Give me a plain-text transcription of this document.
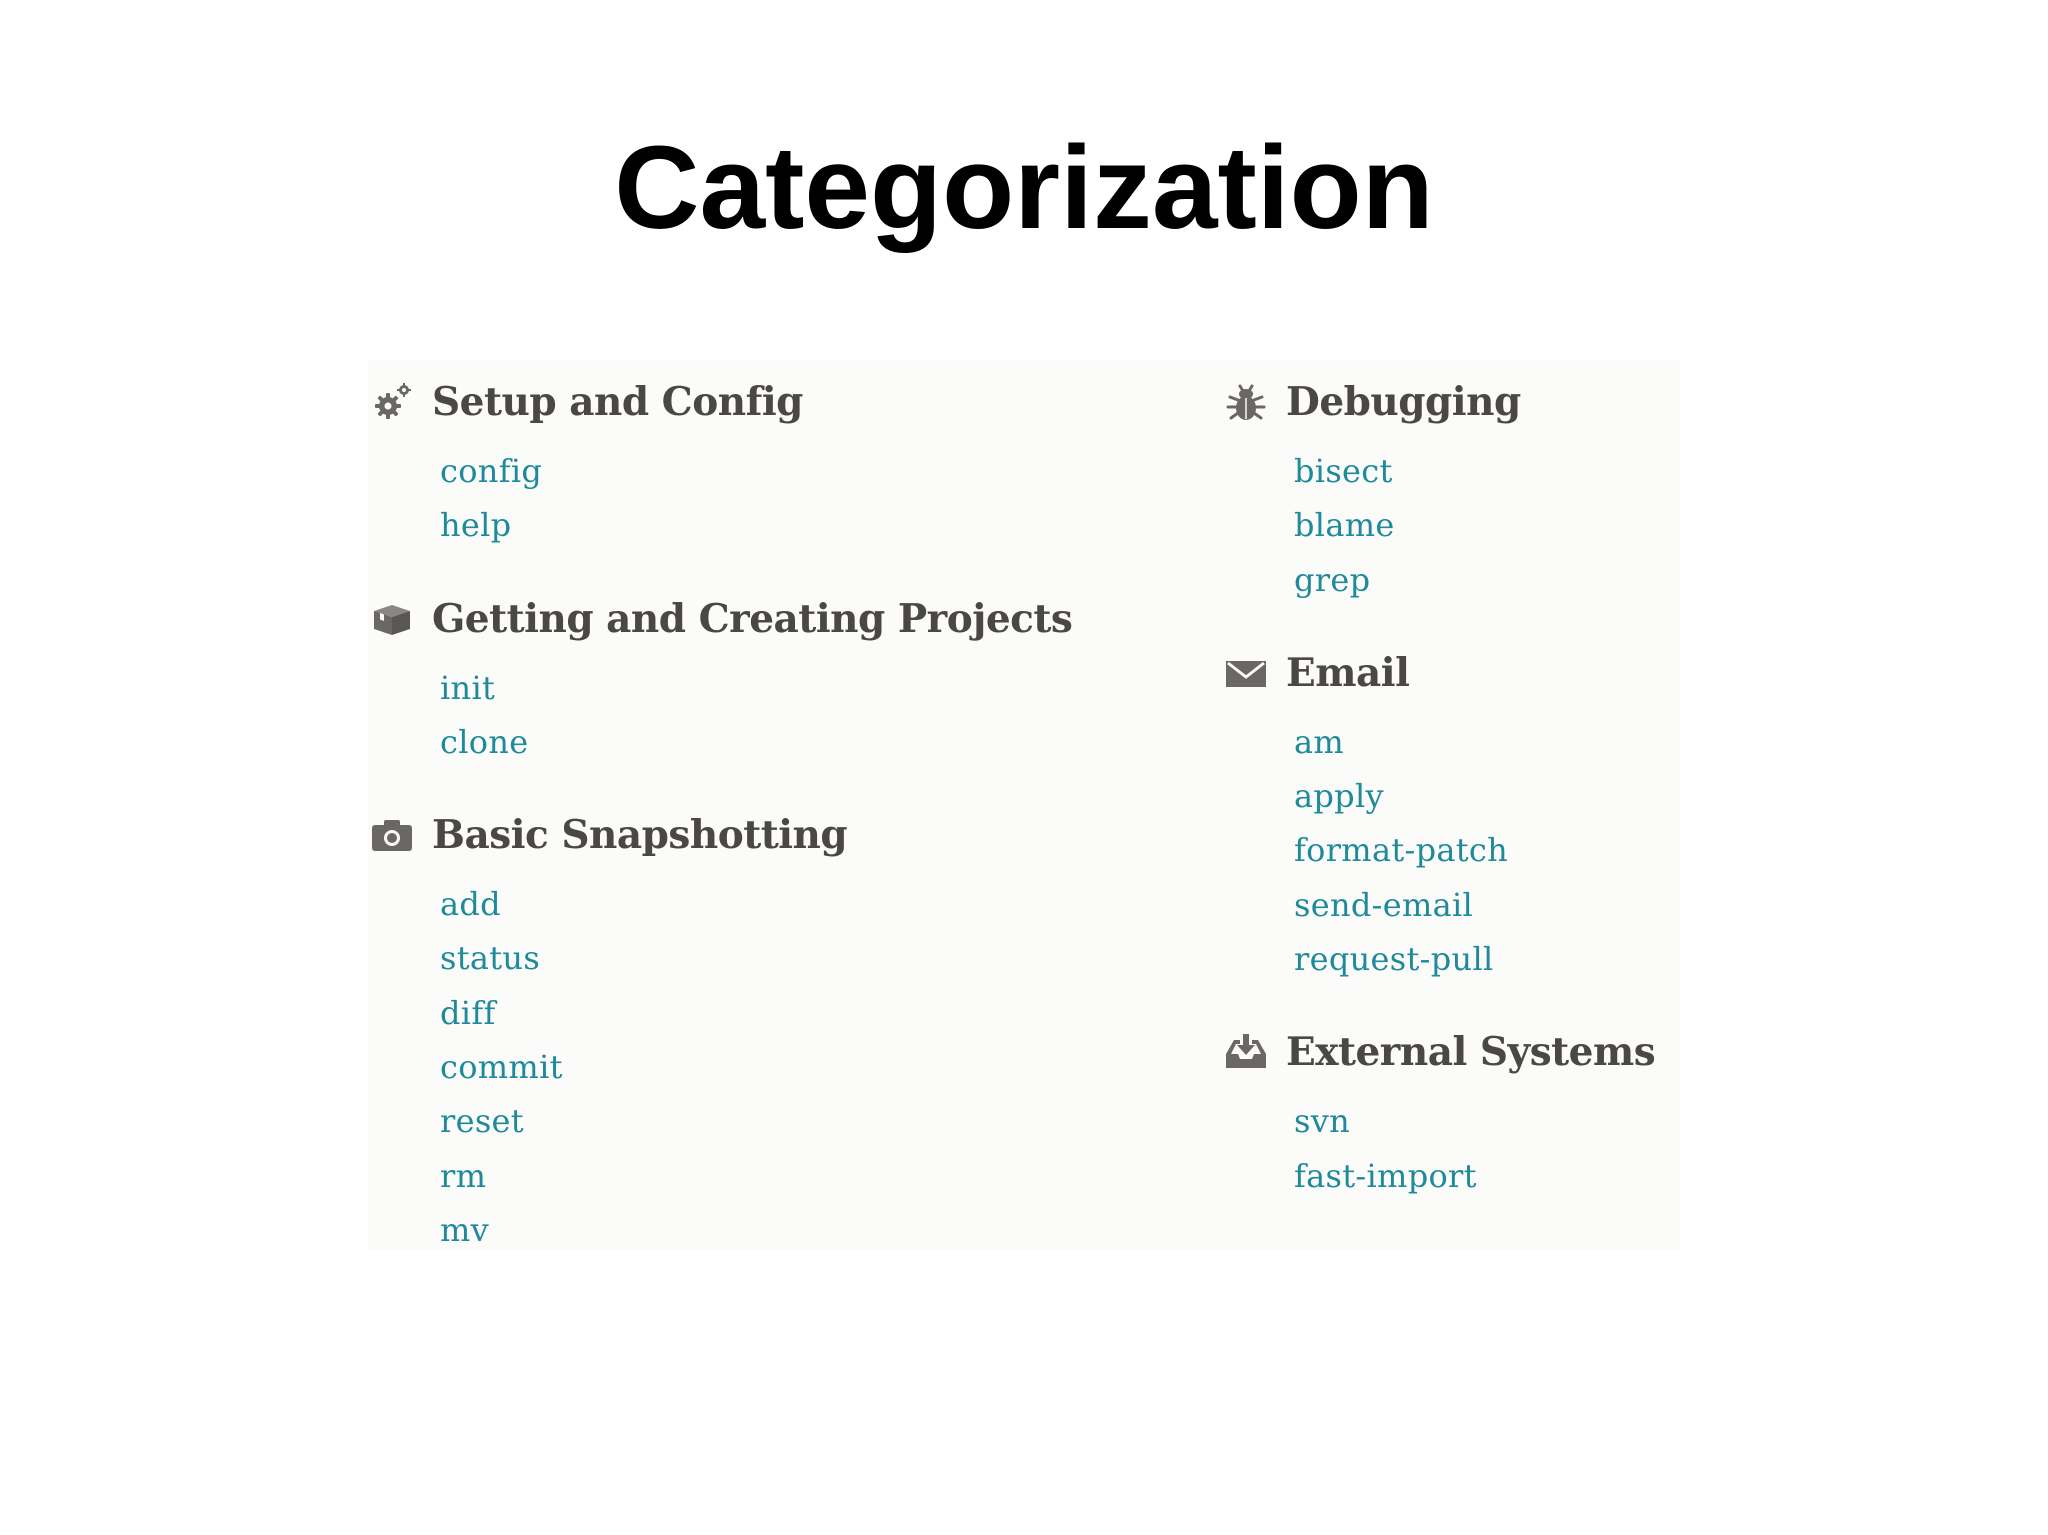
Categorization
Setup and Config
config
help
Getting and Creating Projects
init
clone
Basic Snapshotting
add
status
diff
commit
reset
rm
mv
Debugging
bisect
blame
grep
Email
am
apply
format-patch
send-email
request-pull
External Systems
svn
fast-import
